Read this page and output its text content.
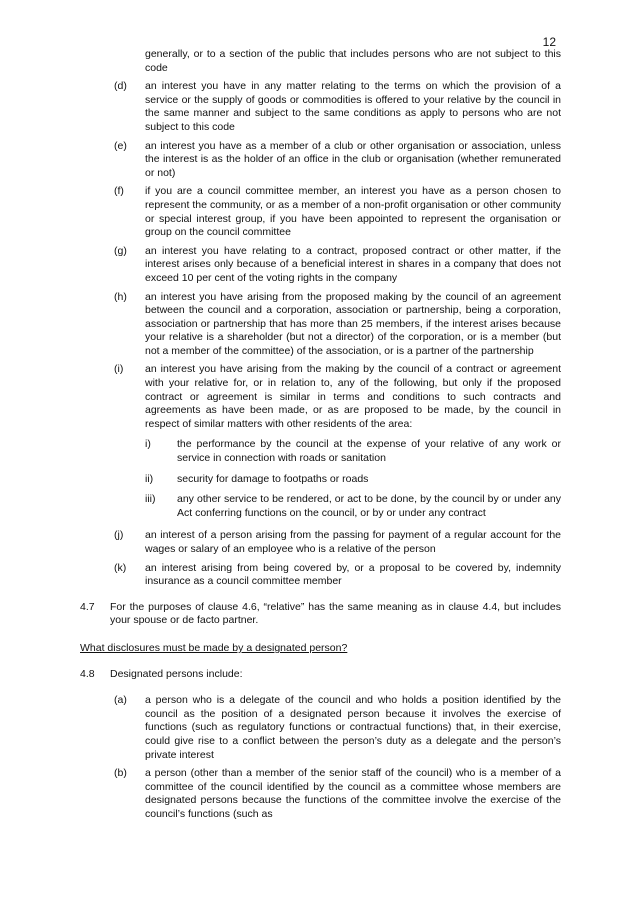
12
generally, or to a section of the public that includes persons who are not subject to this code
(d)	an interest you have in any matter relating to the terms on which the provision of a service or the supply of goods or commodities is offered to your relative by the council in the same manner and subject to the same conditions as apply to persons who are not subject to this code
(e)	an interest you have as a member of a club or other organisation or association, unless the interest is as the holder of an office in the club or organisation (whether remunerated or not)
(f)	if you are a council committee member, an interest you have as a person chosen to represent the community, or as a member of a non-profit organisation or other community or special interest group, if you have been appointed to represent the organisation or group on the council committee
(g)	an interest you have relating to a contract, proposed contract or other matter, if the interest arises only because of a beneficial interest in shares in a company that does not exceed 10 per cent of the voting rights in the company
(h)	an interest you have arising from the proposed making by the council of an agreement between the council and a corporation, association or partnership, being a corporation, association or partnership that has more than 25 members, if the interest arises because your relative is a shareholder (but not a director) of the corporation, or is a member (but not a member of the committee) of the association, or is a partner of the partnership
(i)	an interest you have arising from the making by the council of a contract or agreement with your relative for, or in relation to, any of the following, but only if the proposed contract or agreement is similar in terms and conditions to such contracts and agreements as have been made, or as are proposed to be made, by the council in respect of similar matters with other residents of the area:
i)	the performance by the council at the expense of your relative of any work or service in connection with roads or sanitation
ii)	security for damage to footpaths or roads
iii)	any other service to be rendered, or act to be done, by the council by or under any Act conferring functions on the council, or by or under any contract
(j)	an interest of a person arising from the passing for payment of a regular account for the wages or salary of an employee who is a relative of the person
(k)	an interest arising from being covered by, or a proposal to be covered by, indemnity insurance as a council committee member
4.7	For the purposes of clause 4.6, “relative” has the same meaning as in clause 4.4, but includes your spouse or de facto partner.
What disclosures must be made by a designated person?
4.8	Designated persons include:
(a)	a person who is a delegate of the council and who holds a position identified by the council as the position of a designated person because it involves the exercise of functions (such as regulatory functions or contractual functions) that, in their exercise, could give rise to a conflict between the person’s duty as a delegate and the person’s private interest
(b)	a person (other than a member of the senior staff of the council) who is a member of a committee of the council identified by the council as a committee whose members are designated persons because the functions of the committee involve the exercise of the council’s functions (such as
